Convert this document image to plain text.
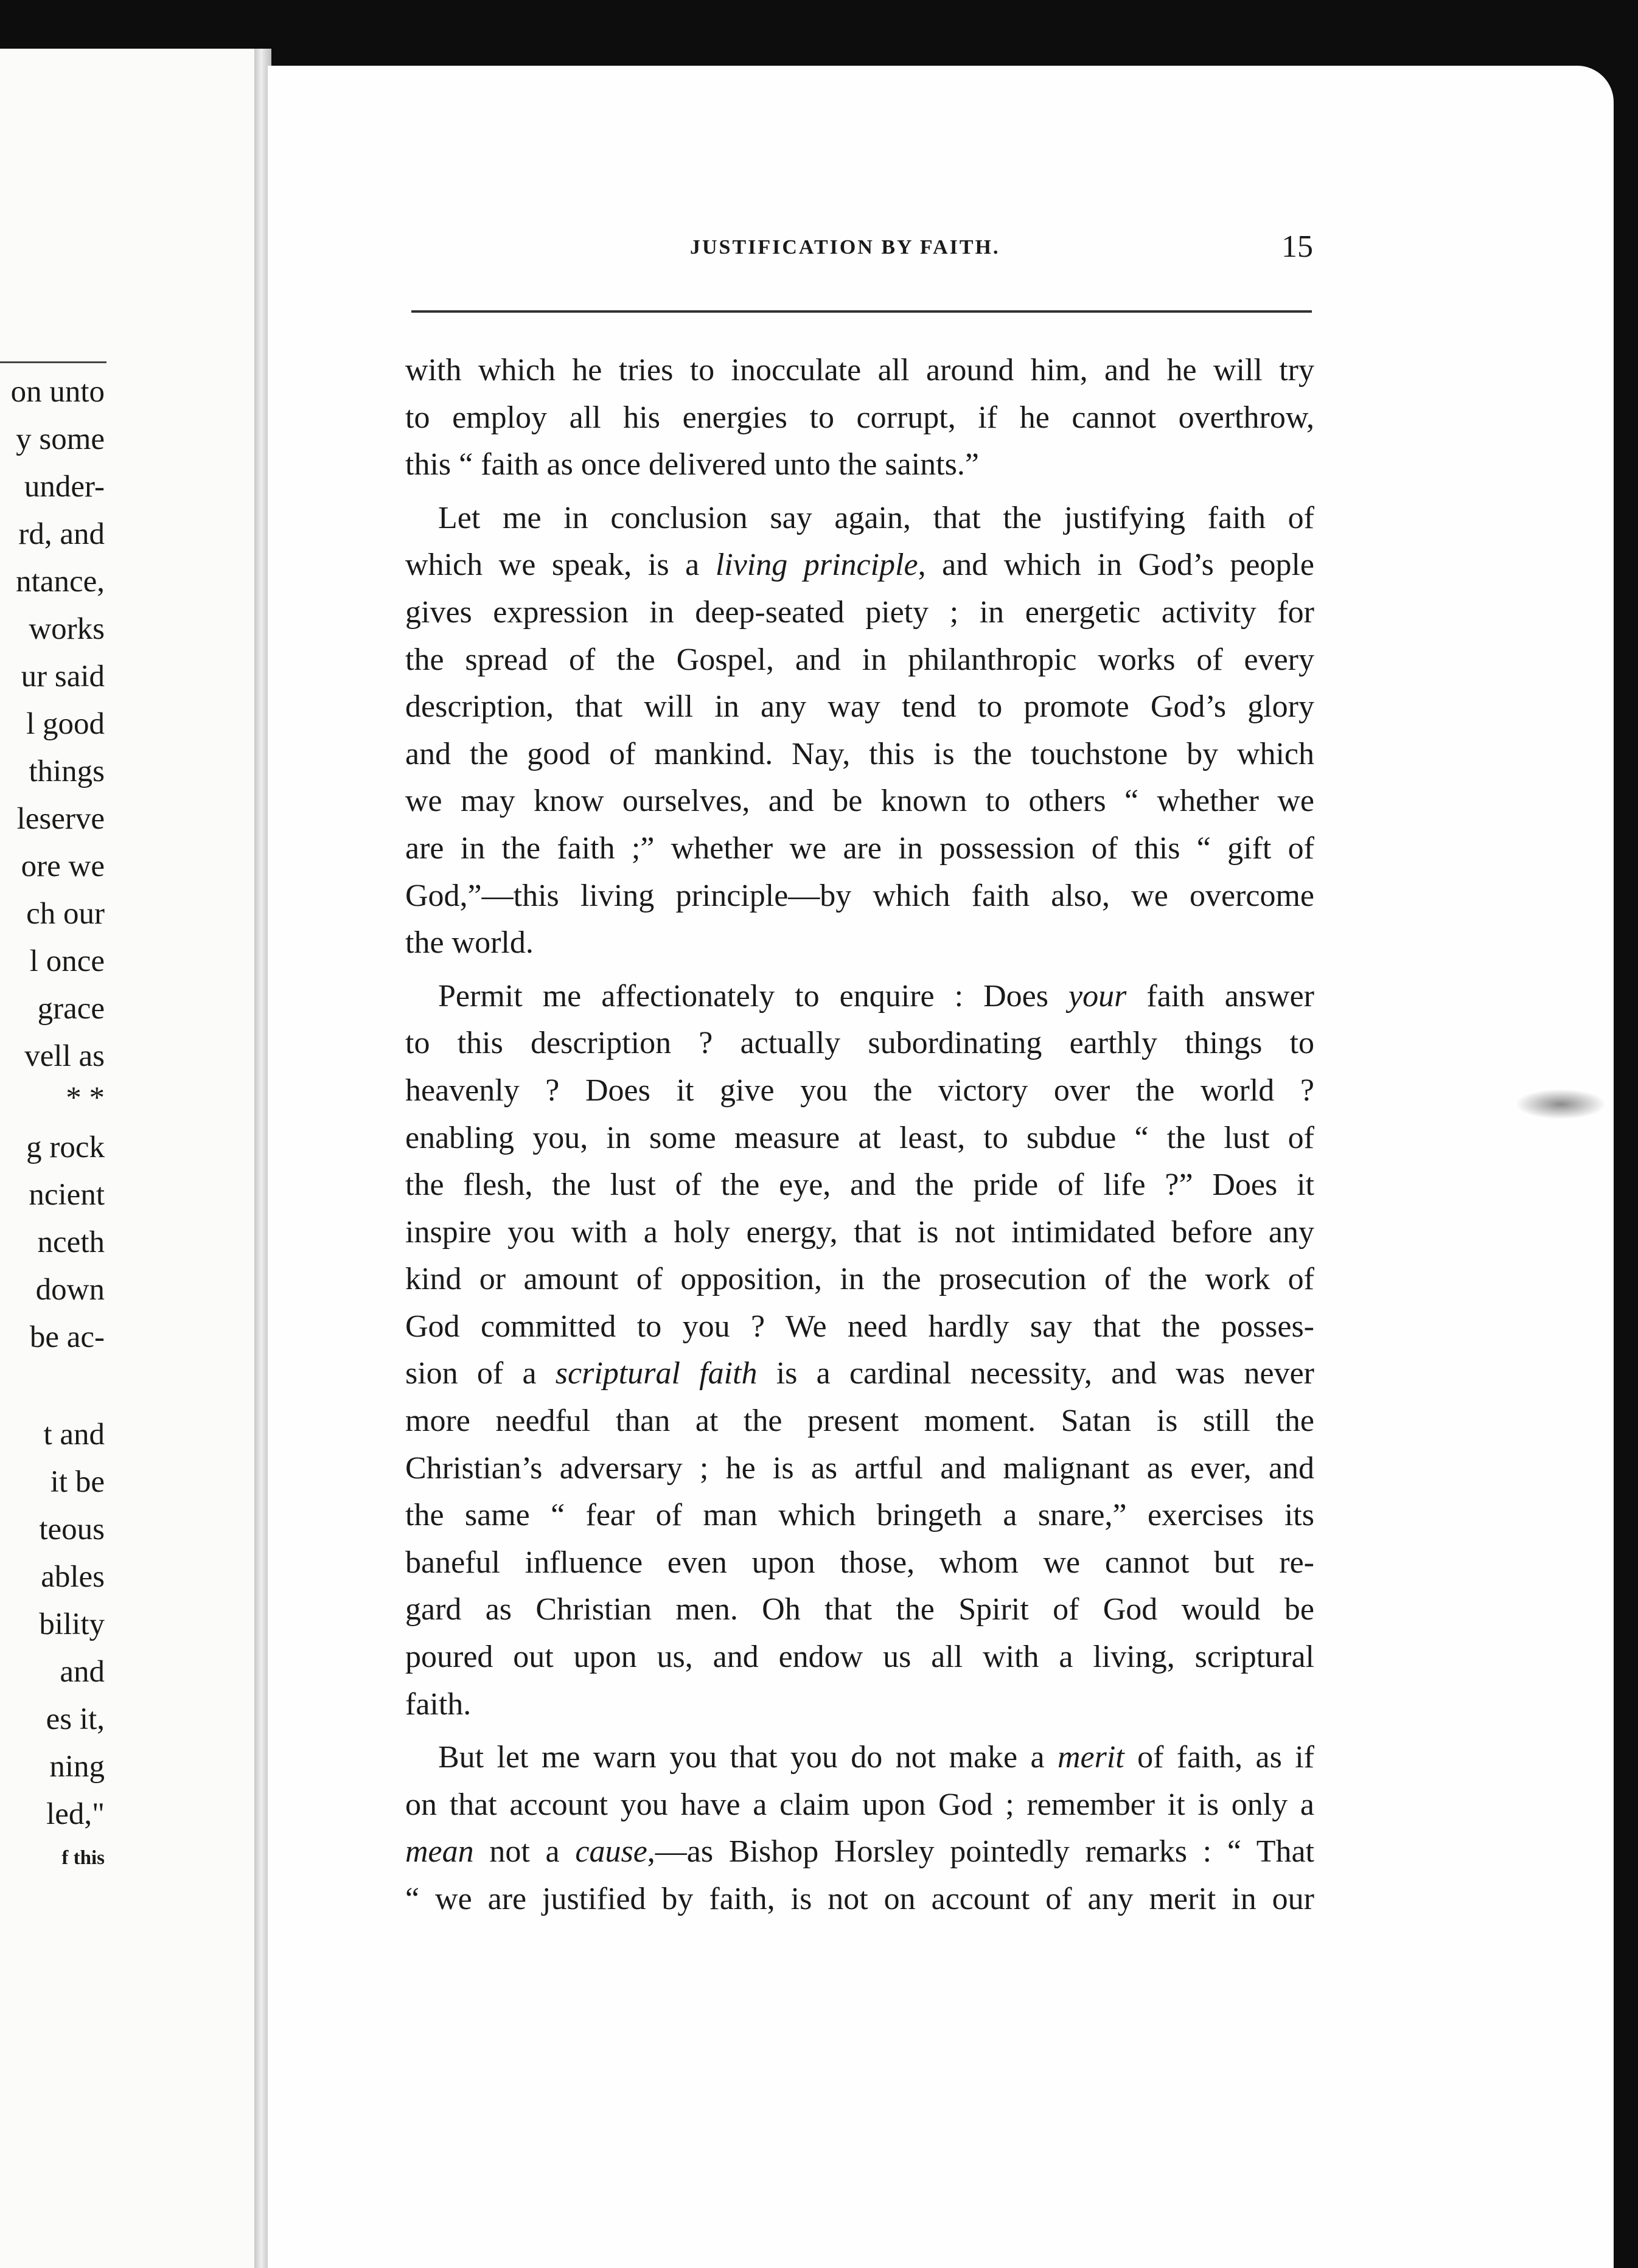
on unto
y some
under-
rd, and
ntance,
works
ur said
l good
things
leserve
ore we
ch our
l once
grace
vell as
* *
g rock
ncient
nceth
down
be ac-
t and
it be
teous
ables
bility
and
es it,
ning
led,"
f this
JUSTIFICATION BY FAITH.	15
with which he tries to inocculate all around him, and he will try
to employ all his energies to corrupt, if he cannot overthrow,
this “ faith as once delivered unto the saints.”
Let me in conclusion say again, that the justifying faith of
which we speak, is a living principle, and which in God’s people
gives expression in deep-seated piety ; in energetic activity for
the spread of the Gospel, and in philanthropic works of every
description, that will in any way tend to promote God’s glory
and the good of mankind. Nay, this is the touchstone by which
we may know ourselves, and be known to others “ whether we
are in the faith ;” whether we are in possession of this “ gift of
God,”—this living principle—by which faith also, we overcome
the world.
Permit me affectionately to enquire : Does your faith answer
to this description ? actually subordinating earthly things to
heavenly ? Does it give you the victory over the world ?
enabling you, in some measure at least, to subdue “ the lust of
the flesh, the lust of the eye, and the pride of life ?” Does it
inspire you with a holy energy, that is not intimidated before any
kind or amount of opposition, in the prosecution of the work of
God committed to you ? We need hardly say that the posses-
sion of a scriptural faith is a cardinal necessity, and was never
more needful than at the present moment. Satan is still the
Christian’s adversary ; he is as artful and malignant as ever, and
the same “ fear of man which bringeth a snare,” exercises its
baneful influence even upon those, whom we cannot but re-
gard as Christian men. Oh that the Spirit of God would be
poured out upon us, and endow us all with a living, scriptural
faith.
But let me warn you that you do not make a merit of faith, as if
on that account you have a claim upon God ; remember it is only a
mean not a cause,—as Bishop Horsley pointedly remarks : “ That
“ we are justified by faith, is not on account of any merit in our
